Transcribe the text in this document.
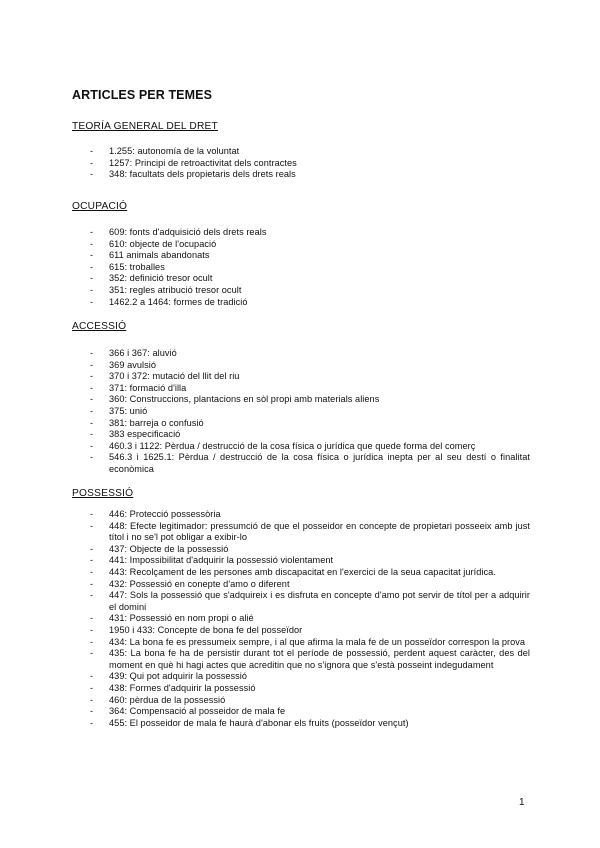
ARTICLES PER TEMES
TEORÍA GENERAL DEL DRET
- 1.255: autonomía de la voluntat
- 1257: Principi de retroactivitat dels contractes
- 348: facultats dels propietaris dels drets reals
OCUPACIÓ
- 609: fonts d'adquisició dels drets reals
- 610: objecte de l'ocupació
- 611 animals abandonats
- 615: troballes
- 352: definició tresor ocult
- 351: regles atribució tresor ocult
- 1462.2 a 1464: formes de tradició
ACCESSIÓ
- 366 i 367: aluvió
- 369 avulsió
- 370 i 372: mutació del llit del riu
- 371: formació d'illa
- 360: Construccions, plantacions en sòl propi amb materials aliens
- 375: unió
- 381: barreja o confusió
- 383 especificació
- 460.3 i 1122: Pèrdua / destrucció de la cosa física o jurídica que quede forma del comerç
- 546.3 i 1625.1: Pèrdua / destrucció de la cosa física o jurídica inepta per al seu destí o finalitat econòmica
POSSESSIÓ
- 446: Protecció possessòria
- 448: Efecte legitimador: pressumció de que el posseidor en concepte de propietari posseeix amb just títol i no se'l pot obligar a exibir-lo
- 437: Objecte de la possessió
- 441: Impossibilitat d'adquirir la possessió violentament
- 443: Recolçament de les persones amb discapacitat en l'exercici de la seua capacitat jurídica.
- 432: Possessió en conepte d'amo o diferent
- 447: Sols la possessió que s'adquireix i es disfruta en concepte d'amo pot servir de títol per a adquirir el domini
- 431: Possessió en nom propi o alié
- 1950 i 433: Concepte de bona fe del posseïdor
- 434: La bona fe es pressumeix sempre, i al que afirma la mala fe de un posseïdor correspon la prova
- 435: La bona fe ha de persistir durant tot el període de possessió, perdent aquest caràcter, des del moment en què hi hagi actes que acreditin que no s'ignora que s'està posseint indegudament
- 439: Qui pot adquirir la possessió
- 438: Formes d'adquirir la possessió
- 460: pèrdua de la possessió
- 364: Compensació al posseidor de mala fe
- 455: El posseidor de mala fe haurà d'abonar els fruits (posseïdor vençut)
1
